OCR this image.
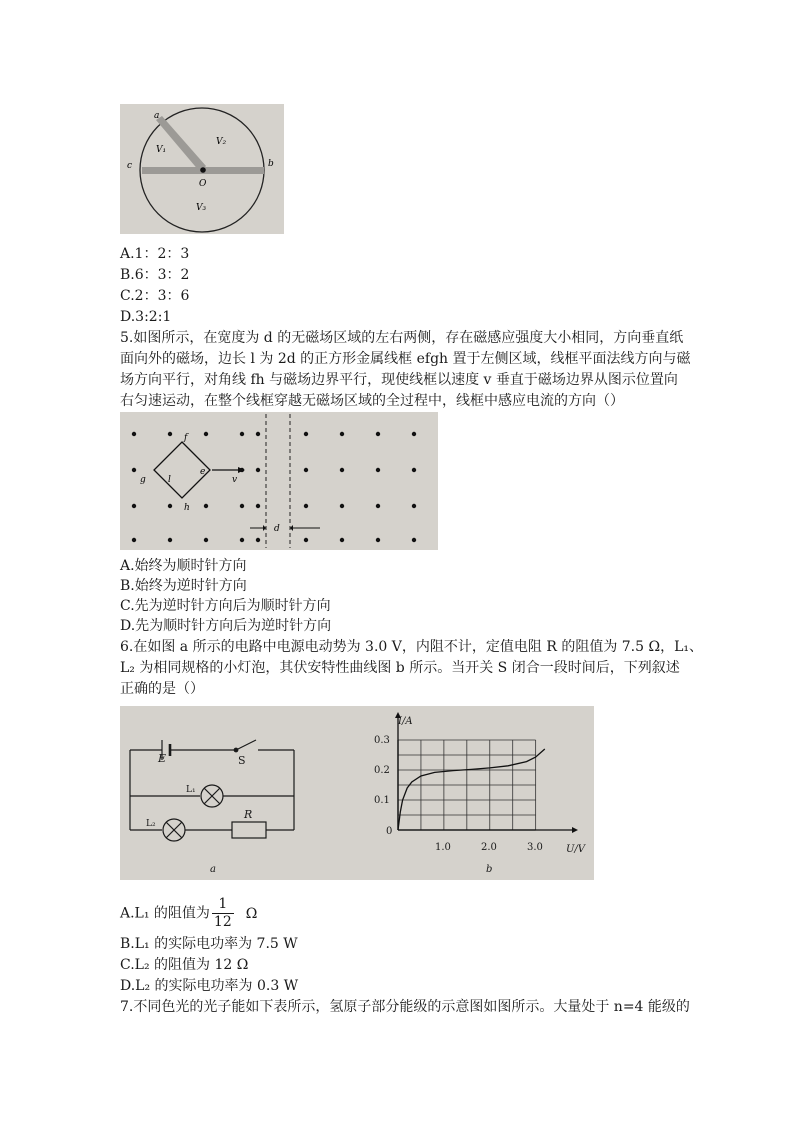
a
b
c
O
V₁
V₂
V₃
A.1：2：3
B.6：3：2
C.2：3：6
D.3:2:1
5.如图所示，在宽度为 d 的无磁场区域的左右两侧，存在磁感应强度大小相同，方向垂直纸
面向外的磁场，边长 l 为 2d 的正方形金属线框 efgh 置于左侧区域，线框平面法线方向与磁
场方向平行，对角线 fh 与磁场边界平行，现使线框以速度 v 垂直于磁场边界从图示位置向
右匀速运动，在整个线框穿越无磁场区域的全过程中，线框中感应电流的方向（）
f
g
e
h
l	v
d
A.始终为顺时针方向
B.始终为逆时针方向
C.先为逆时针方向后为顺时针方向
D.先为顺时针方向后为逆时针方向
6.在如图 a 所示的电路中电源电动势为 3.0 V，内阻不计，定值电阻 R 的阻值为 7.5 Ω，L₁、
L₂ 为相同规格的小灯泡，其伏安特性曲线图 b 所示。当开关 S 闭合一段时间后，下列叙述
正确的是（）
E	S
L₁
L₂
R
a
I/A
U/V
0.3
0.2
0.1
0
1.0	2.0	3.0
b
A.L₁ 的阻值为 $\frac{1}{12}$ Ω
B.L₁ 的实际电功率为 7.5 W
C.L₂ 的阻值为 12 Ω
D.L₂ 的实际电功率为 0.3 W
7.不同色光的光子能如下表所示，氢原子部分能级的示意图如图所示。大量处于 n=4 能级的
